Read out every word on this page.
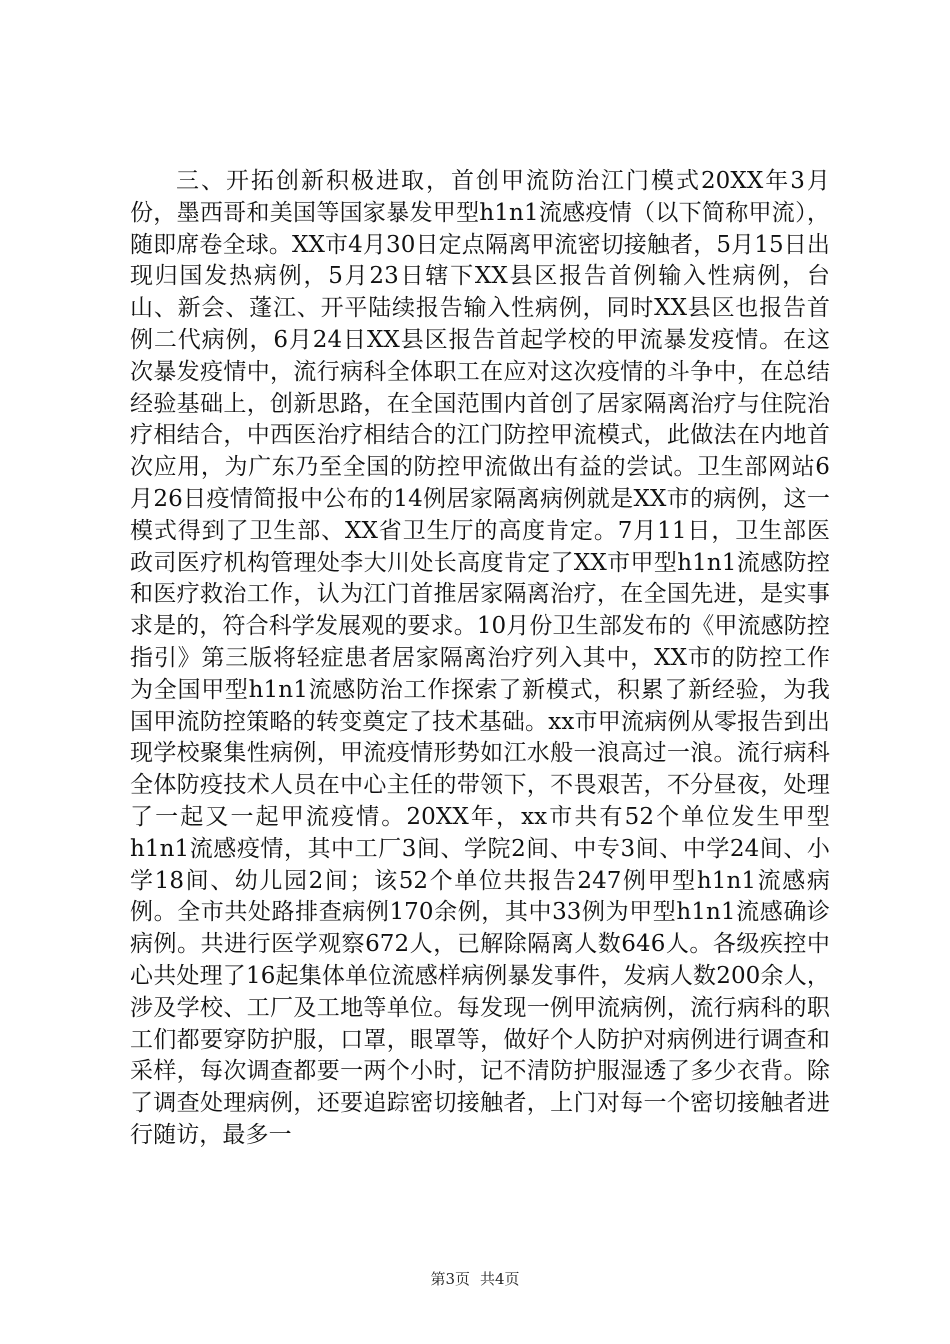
三、开拓创新积极进取，首创甲流防治江门模式20XX年3月份，墨西哥和美国等国家暴发甲型h1n1流感疫情（以下简称甲流），随即席卷全球。XX市4月30日定点隔离甲流密切接触者，5月15日出现归国发热病例，5月23日辖下XX县区报告首例输入性病例，台山、新会、蓬江、开平陆续报告输入性病例，同时XX县区也报告首例二代病例，6月24日XX县区报告首起学校的甲流暴发疫情。在这次暴发疫情中，流行病科全体职工在应对这次疫情的斗争中，在总结经验基础上，创新思路，在全国范围内首创了居家隔离治疗与住院治疗相结合，中西医治疗相结合的江门防控甲流模式，此做法在内地首次应用，为广东乃至全国的防控甲流做出有益的尝试。卫生部网站6月26日疫情简报中公布的14例居家隔离病例就是XX市的病例，这一模式得到了卫生部、XX省卫生厅的高度肯定。7月11日，卫生部医政司医疗机构管理处李大川处长高度肯定了XX市甲型h1n1流感防控和医疗救治工作，认为江门首推居家隔离治疗，在全国先进，是实事求是的，符合科学发展观的要求。10月份卫生部发布的《甲流感防控指引》第三版将轻症患者居家隔离治疗列入其中，XX市的防控工作为全国甲型h1n1流感防治工作探索了新模式，积累了新经验，为我国甲流防控策略的转变奠定了技术基础。xx市甲流病例从零报告到出现学校聚集性病例，甲流疫情形势如江水般一浪高过一浪。流行病科全体防疫技术人员在中心主任的带领下，不畏艰苦，不分昼夜，处理了一起又一起甲流疫情。20XX年，xx市共有52个单位发生甲型h1n1流感疫情，其中工厂3间、学院2间、中专3间、中学24间、小学18间、幼儿园2间；该52个单位共报告247例甲型h1n1流感病例。全市共处路排查病例170余例，其中33例为甲型h1n1流感确诊病例。共进行医学观察672人，已解除隔离人数646人。各级疾控中心共处理了16起集体单位流感样病例暴发事件，发病人数200余人，涉及学校、工厂及工地等单位。每发现一例甲流病例，流行病科的职工们都要穿防护服，口罩，眼罩等，做好个人防护对病例进行调查和采样，每次调查都要一两个小时，记不清防护服湿透了多少衣背。除了调查处理病例，还要追踪密切接触者，上门对每一个密切接触者进行随访，最多一

第3页 共4页
